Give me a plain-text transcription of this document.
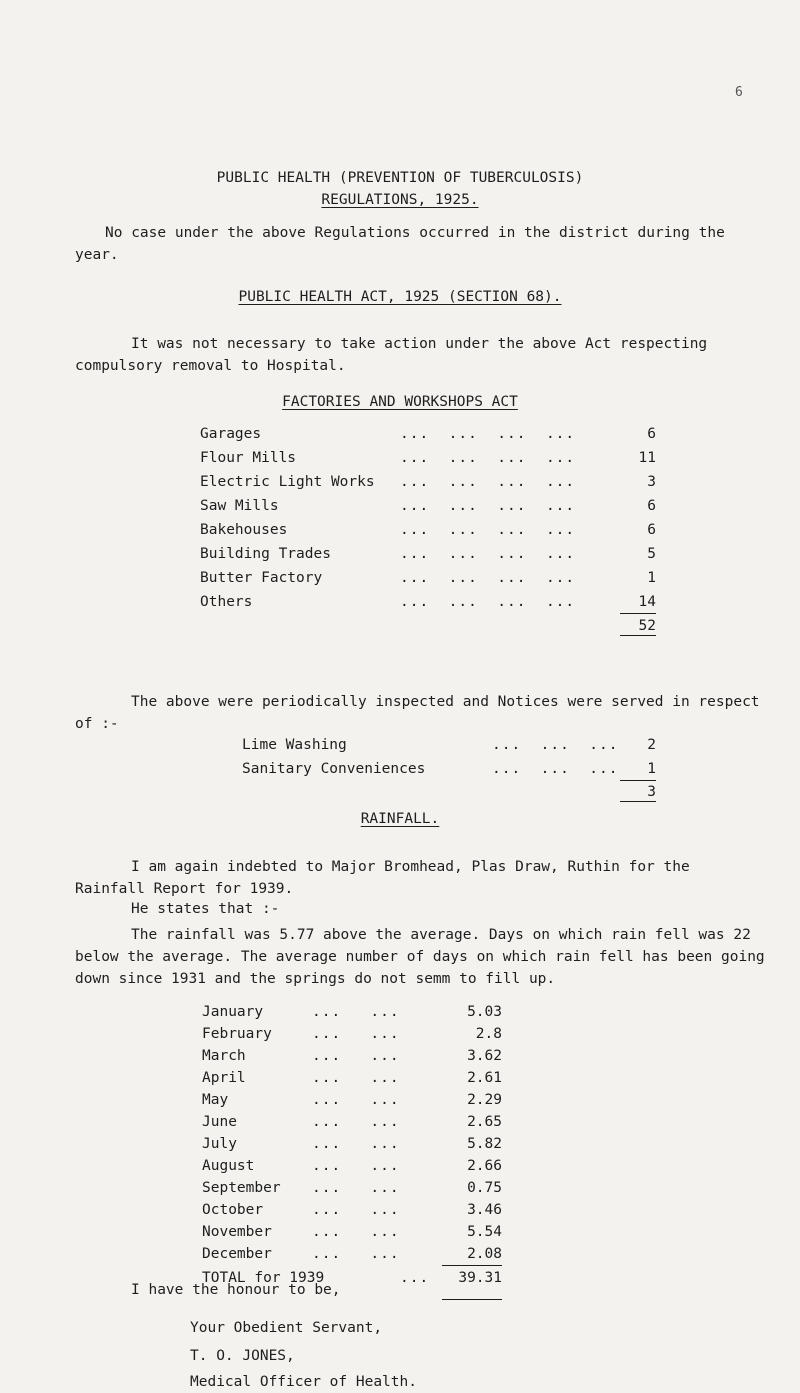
6
PUBLIC HEALTH (PREVENTION OF TUBERCULOSIS)
REGULATIONS, 1925.
No case under the above Regulations occurred in the district during the year.
PUBLIC HEALTH ACT, 1925 (SECTION 68).
It was not necessary to take action under the above Act respecting compulsory removal to Hospital.
FACTORIES AND WORKSHOPS ACT
Garages	...  ...  ...  ...	6
Flour Mills	...  ...  ...  ...	11
Electric Light Works ...  ...  ...  ...	3
Saw Mills	...  ...  ...  ...	6
Bakehouses	...  ...  ...  ...	6
Building Trades	...  ...  ...  ...	5
Butter Factory	...  ...  ...  ...	1
Others	...  ...  ...  ...	14
52
The above were periodically inspected and Notices were served in respect of :-
Lime Washing	...  ...  ...	2
Sanitary Conveniences	...  ...  ...	1
3
RAINFALL.
I am again indebted to Major Bromhead, Plas Draw, Ruthin for the Rainfall Report for 1939.
He states that :-
The rainfall was 5.77 above the average. Days on which rain fell was 22 below the average. The average number of days on which rain fell has been going down since 1931 and the springs do not semm to fill up.
January	...   ...	5.03
February	...   ...	2.8
March	...   ...	3.62
April	...   ...	2.61
May	...   ...	2.29
June	...   ...	2.65
July	...   ...	5.82
August	...   ...	2.66
September ...   ...	0.75
October	...   ...	3.46
November	...   ...	5.54
December	...   ...	2.08
TOTAL for 1939	...	39.31
I have the honour to be,
Your Obedient Servant,
T. O. JONES,
Medical Officer of Health.
